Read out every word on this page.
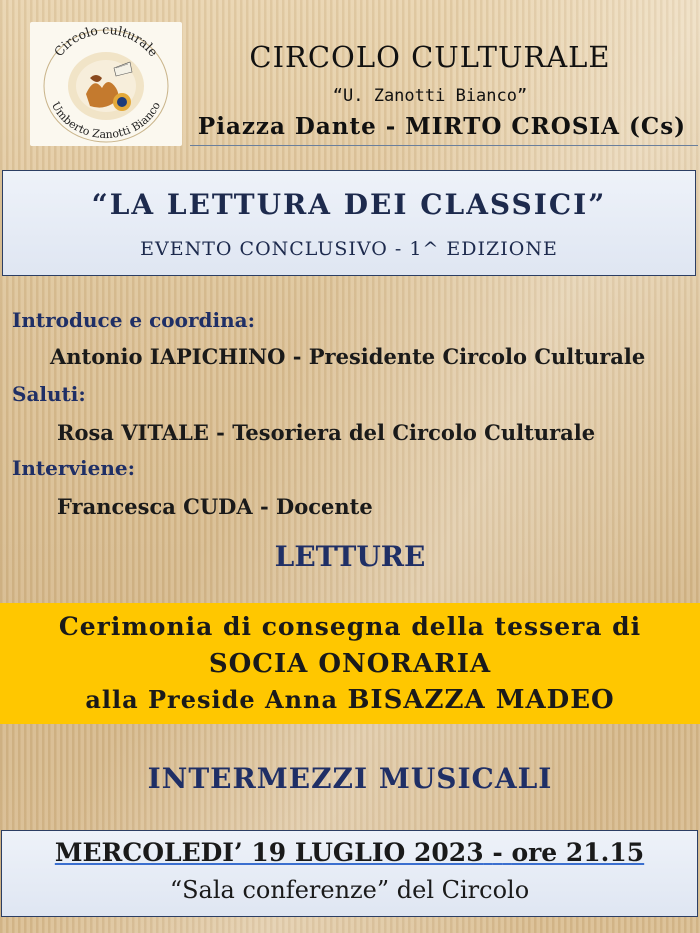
Circolo culturale
Umberto Zanotti Bianco
CIRCOLO CULTURALE
“U. Zanotti Bianco”
Piazza Dante - MIRTO CROSIA (Cs)
“LA LETTURA DEI CLASSICI”
EVENTO CONCLUSIVO - 1^ EDIZIONE
Introduce e coordina:
Antonio IAPICHINO - Presidente Circolo Culturale
Saluti:
Rosa VITALE - Tesoriera del Circolo Culturale
Interviene:
Francesca CUDA - Docente
LETTURE
Cerimonia di consegna della tessera di
SOCIA ONORARIA
alla Preside Anna BISAZZA MADEO
INTERMEZZI MUSICALI
MERCOLEDI’ 19 LUGLIO 2023 - ore 21.15
“Sala conferenze” del Circolo
